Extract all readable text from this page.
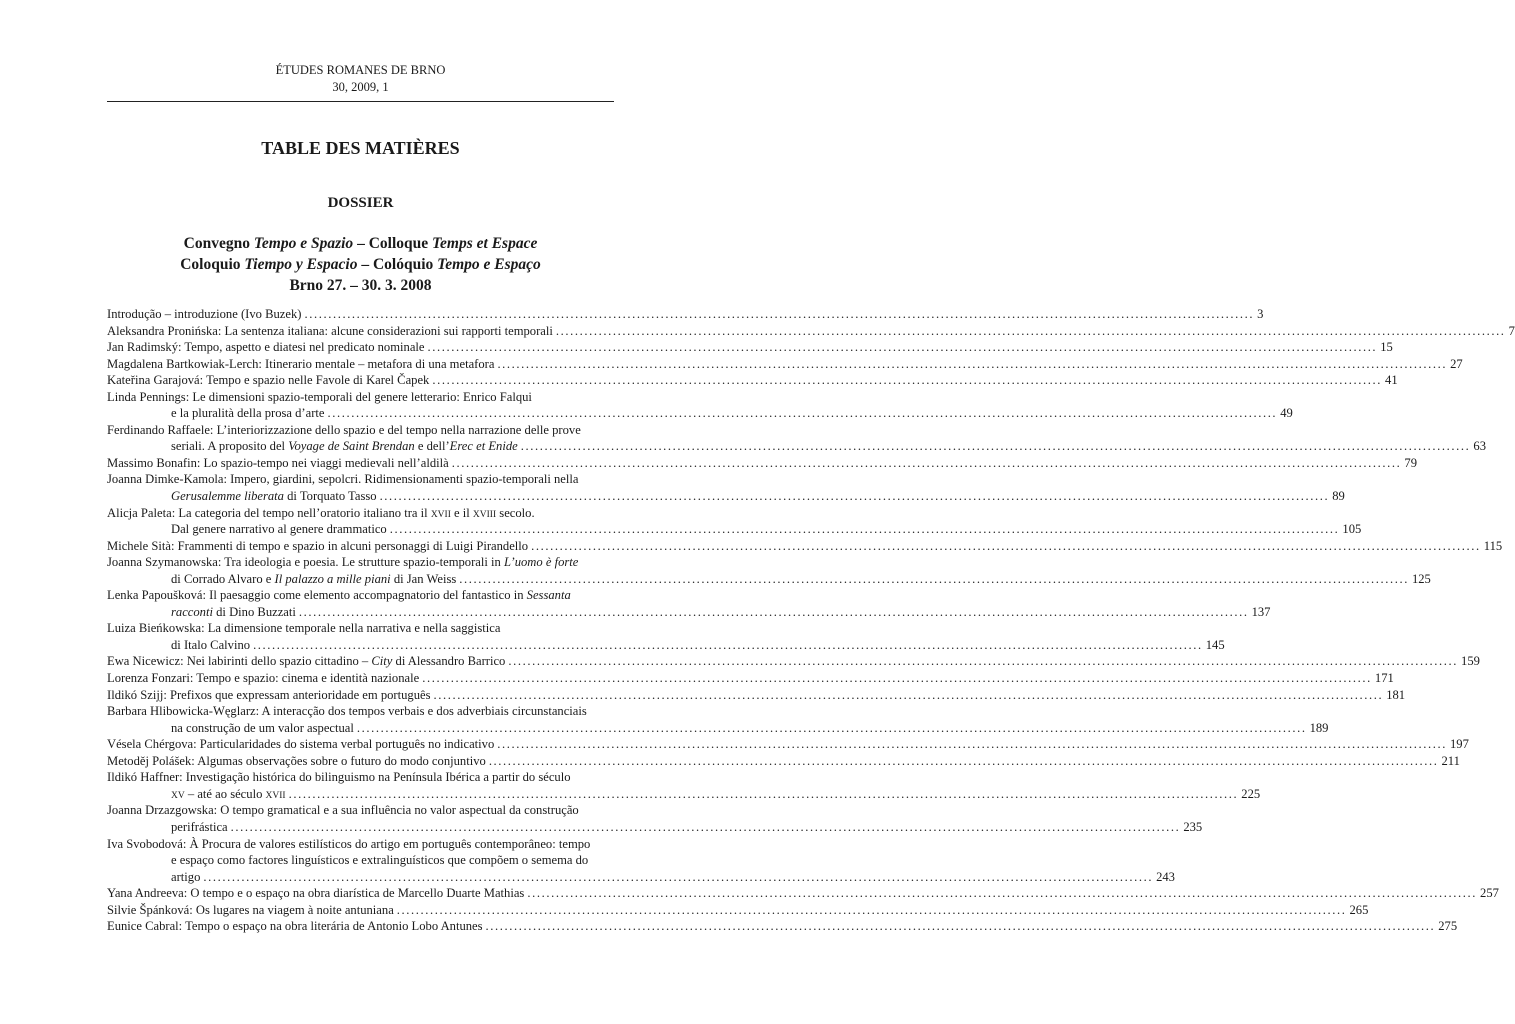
ÉTUDES ROMANES DE BRNO
30, 2009, 1
TABLE DES MATIÈRES
DOSSIER
Convegno Tempo e Spazio – Colloque Temps et Espace
Coloquio Tiempo y Espacio – Colóquio Tempo e Espaço
Brno 27. – 30. 3. 2008
Introdução – introduzione (Ivo Buzek) ........................................................................................................................................................................................................ 3
Aleksandra Pronińska: La sentenza italiana: alcune considerazioni sui rapporti temporali ........................................................................................................................................................................................................ 7
Jan Radimský: Tempo, aspetto e diatesi nel predicato nominale ........................................................................................................................................................................................................ 15
Magdalena Bartkowiak-Lerch: Itinerario mentale – metafora di una metafora ........................................................................................................................................................................................................ 27
Kateřina Garajová: Tempo e spazio nelle Favole di Karel Čapek ........................................................................................................................................................................................................ 41
Linda Pennings: Le dimensioni spazio-temporali del genere letterario: Enrico Falqui
e la pluralità della prosa d’arte ........................................................................................................................................................................................................ 49
Ferdinando Raffaele: L’interiorizzazione dello spazio e del tempo nella narrazione delle prove
seriali. A proposito del Voyage de Saint Brendan e dell’Erec et Enide ........................................................................................................................................................................................................ 63
Massimo Bonafin: Lo spazio-tempo nei viaggi medievali nell’aldilà ........................................................................................................................................................................................................ 79
Joanna Dimke-Kamola: Impero, giardini, sepolcri. Ridimensionamenti spazio-temporali nella
Gerusalemme liberata di Torquato Tasso ........................................................................................................................................................................................................ 89
Alicja Paleta: La categoria del tempo nell’oratorio italiano tra il XVII e il XVIII secolo.
Dal genere narrativo al genere drammatico ........................................................................................................................................................................................................ 105
Michele Sità: Frammenti di tempo e spazio in alcuni personaggi di Luigi Pirandello ........................................................................................................................................................................................................ 115
Joanna Szymanowska: Tra ideologia e poesia. Le strutture spazio-temporali in L’uomo è forte
di Corrado Alvaro e Il palazzo a mille piani di Jan Weiss ........................................................................................................................................................................................................ 125
Lenka Papoušková: Il paesaggio come elemento accompagnatorio del fantastico in Sessanta
racconti di Dino Buzzati ........................................................................................................................................................................................................ 137
Luiza Bieńkowska: La dimensione temporale nella narrativa e nella saggistica
di Italo Calvino ........................................................................................................................................................................................................ 145
Ewa Nicewicz: Nei labirinti dello spazio cittadino – City di Alessandro Barrico ........................................................................................................................................................................................................ 159
Lorenza Fonzari: Tempo e spazio: cinema e identità nazionale ........................................................................................................................................................................................................ 171
Ildikó Szijj: Prefixos que expressam anterioridade em português ........................................................................................................................................................................................................ 181
Barbara Hlibowicka-Węglarz: A interacção dos tempos verbais e dos adverbiais circunstanciais
na construção de um valor aspectual ........................................................................................................................................................................................................ 189
Vésela Chérgova: Particularidades do sistema verbal português no indicativo ........................................................................................................................................................................................................ 197
Metoděj Polášek: Algumas observações sobre o futuro do modo conjuntivo ........................................................................................................................................................................................................ 211
Ildikó Haffner: Investigação histórica do bilinguismo na Península Ibérica a partir do século
XV – até ao século XVII ........................................................................................................................................................................................................ 225
Joanna Drzazgowska: O tempo gramatical e a sua influência no valor aspectual da construção
perifrástica ........................................................................................................................................................................................................ 235
Iva Svobodová: À Procura de valores estilísticos do artigo em português contemporâneo: tempo
e espaço como factores linguísticos e extralinguísticos que compõem o semema do
artigo ........................................................................................................................................................................................................ 243
Yana Andreeva: O tempo e o espaço na obra diarística de Marcello Duarte Mathias ........................................................................................................................................................................................................ 257
Silvie Špánková: Os lugares na viagem à noite antuniana ........................................................................................................................................................................................................ 265
Eunice Cabral: Tempo o espaço na obra literária de Antonio Lobo Antunes ........................................................................................................................................................................................................ 275
